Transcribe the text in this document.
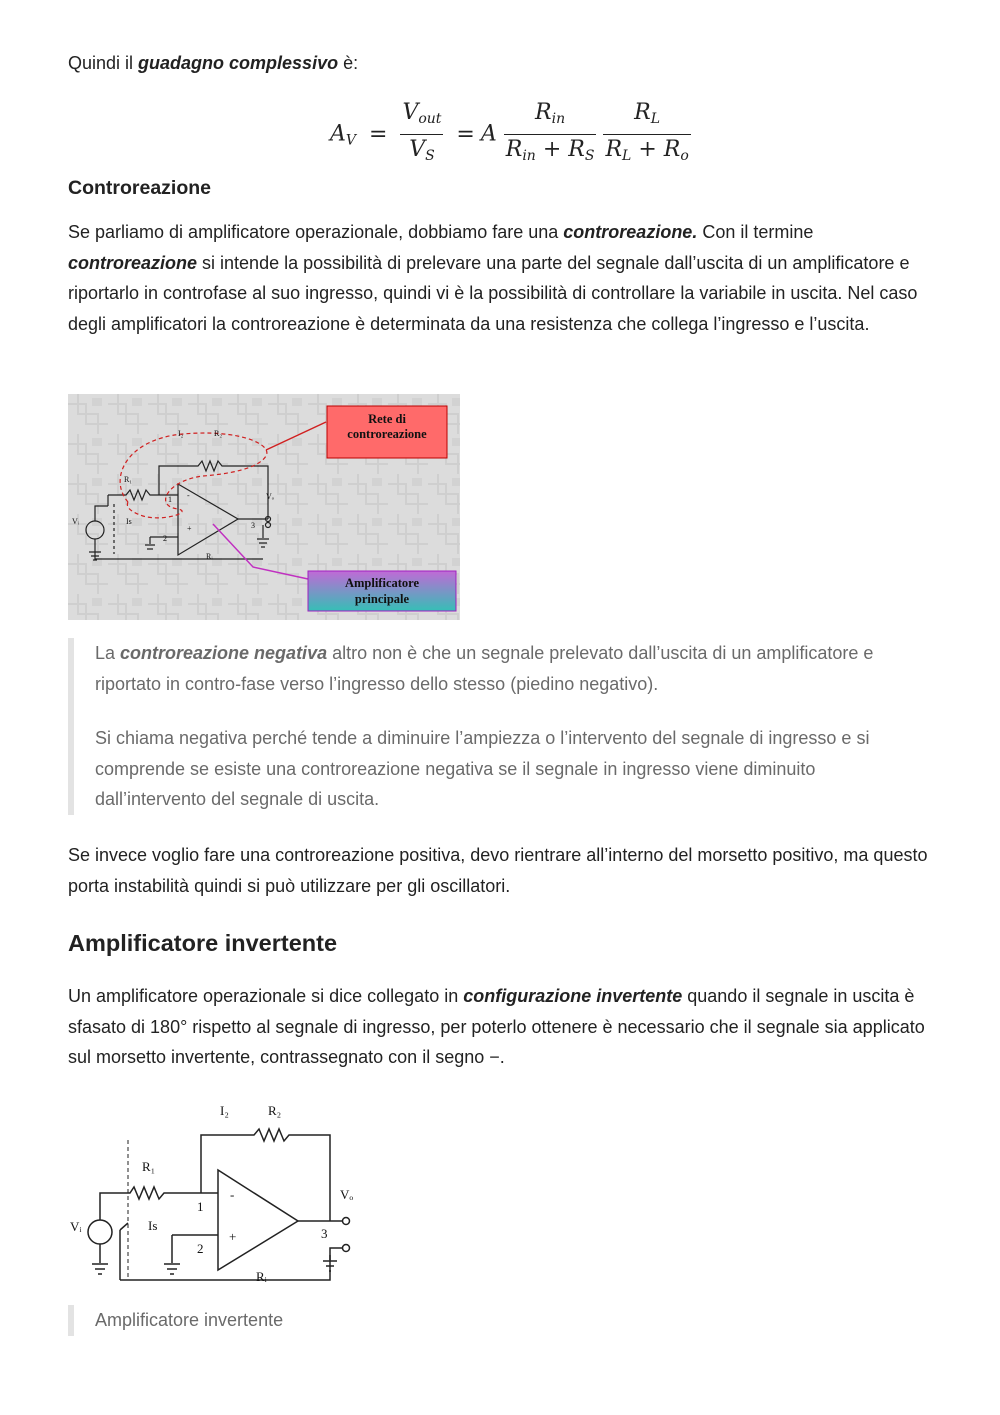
Quindi il guadagno complessivo è:

$A_V = \frac{V_{out}}{V_S} = A \frac{R_{in}}{R_{in} + R_S}$
$\frac{R_L}{R_L + R_o}$
Controreazione

Se parliamo di amplificatore operazionale, dobbiamo fare una controreazione. Con il termine controreazione si intende la possibilità di prelevare una parte del segnale dall’uscita di un amplificatore e riportarlo in controfase al suo ingresso, quindi vi è la possibilità di controllare la variabile in uscita. Nel caso degli amplificatori la controreazione è determinata da una resistenza che collega l’ingresso e l’uscita.

Rete di
controreazione
Amplificatore
principale
I₂	R₂
R₁
Vᵢ	Is
Vₒ
1
2
3
Rᵢ
-
+

La controreazione negativa altro non è che un segnale prelevato dall’uscita di un amplificatore e riportato in contro-fase verso l’ingresso dello stesso (piedino negativo).

Si chiama negativa perché tende a diminuire l’ampiezza o l’intervento del segnale di ingresso e si comprende se esiste una controreazione negativa se il segnale in ingresso viene diminuito dall’intervento del segnale di uscita.

Se invece voglio fare una controreazione positiva, devo rientrare all’interno del morsetto positivo, ma questo porta instabilità quindi si può utilizzare per gli oscillatori.

Amplificatore invertente

Un amplificatore operazionale si dice collegato in configurazione invertente quando il segnale in uscita è sfasato di 180° rispetto al segnale di ingresso, per poterlo ottenere è necessario che il segnale sia applicato sul morsetto invertente, contrassegnato con il segno −.

I₂	R₂
R₁
Vᵢ	Is
Vₒ
1
2
3
Rᵢ
-
+

Amplificatore invertente
